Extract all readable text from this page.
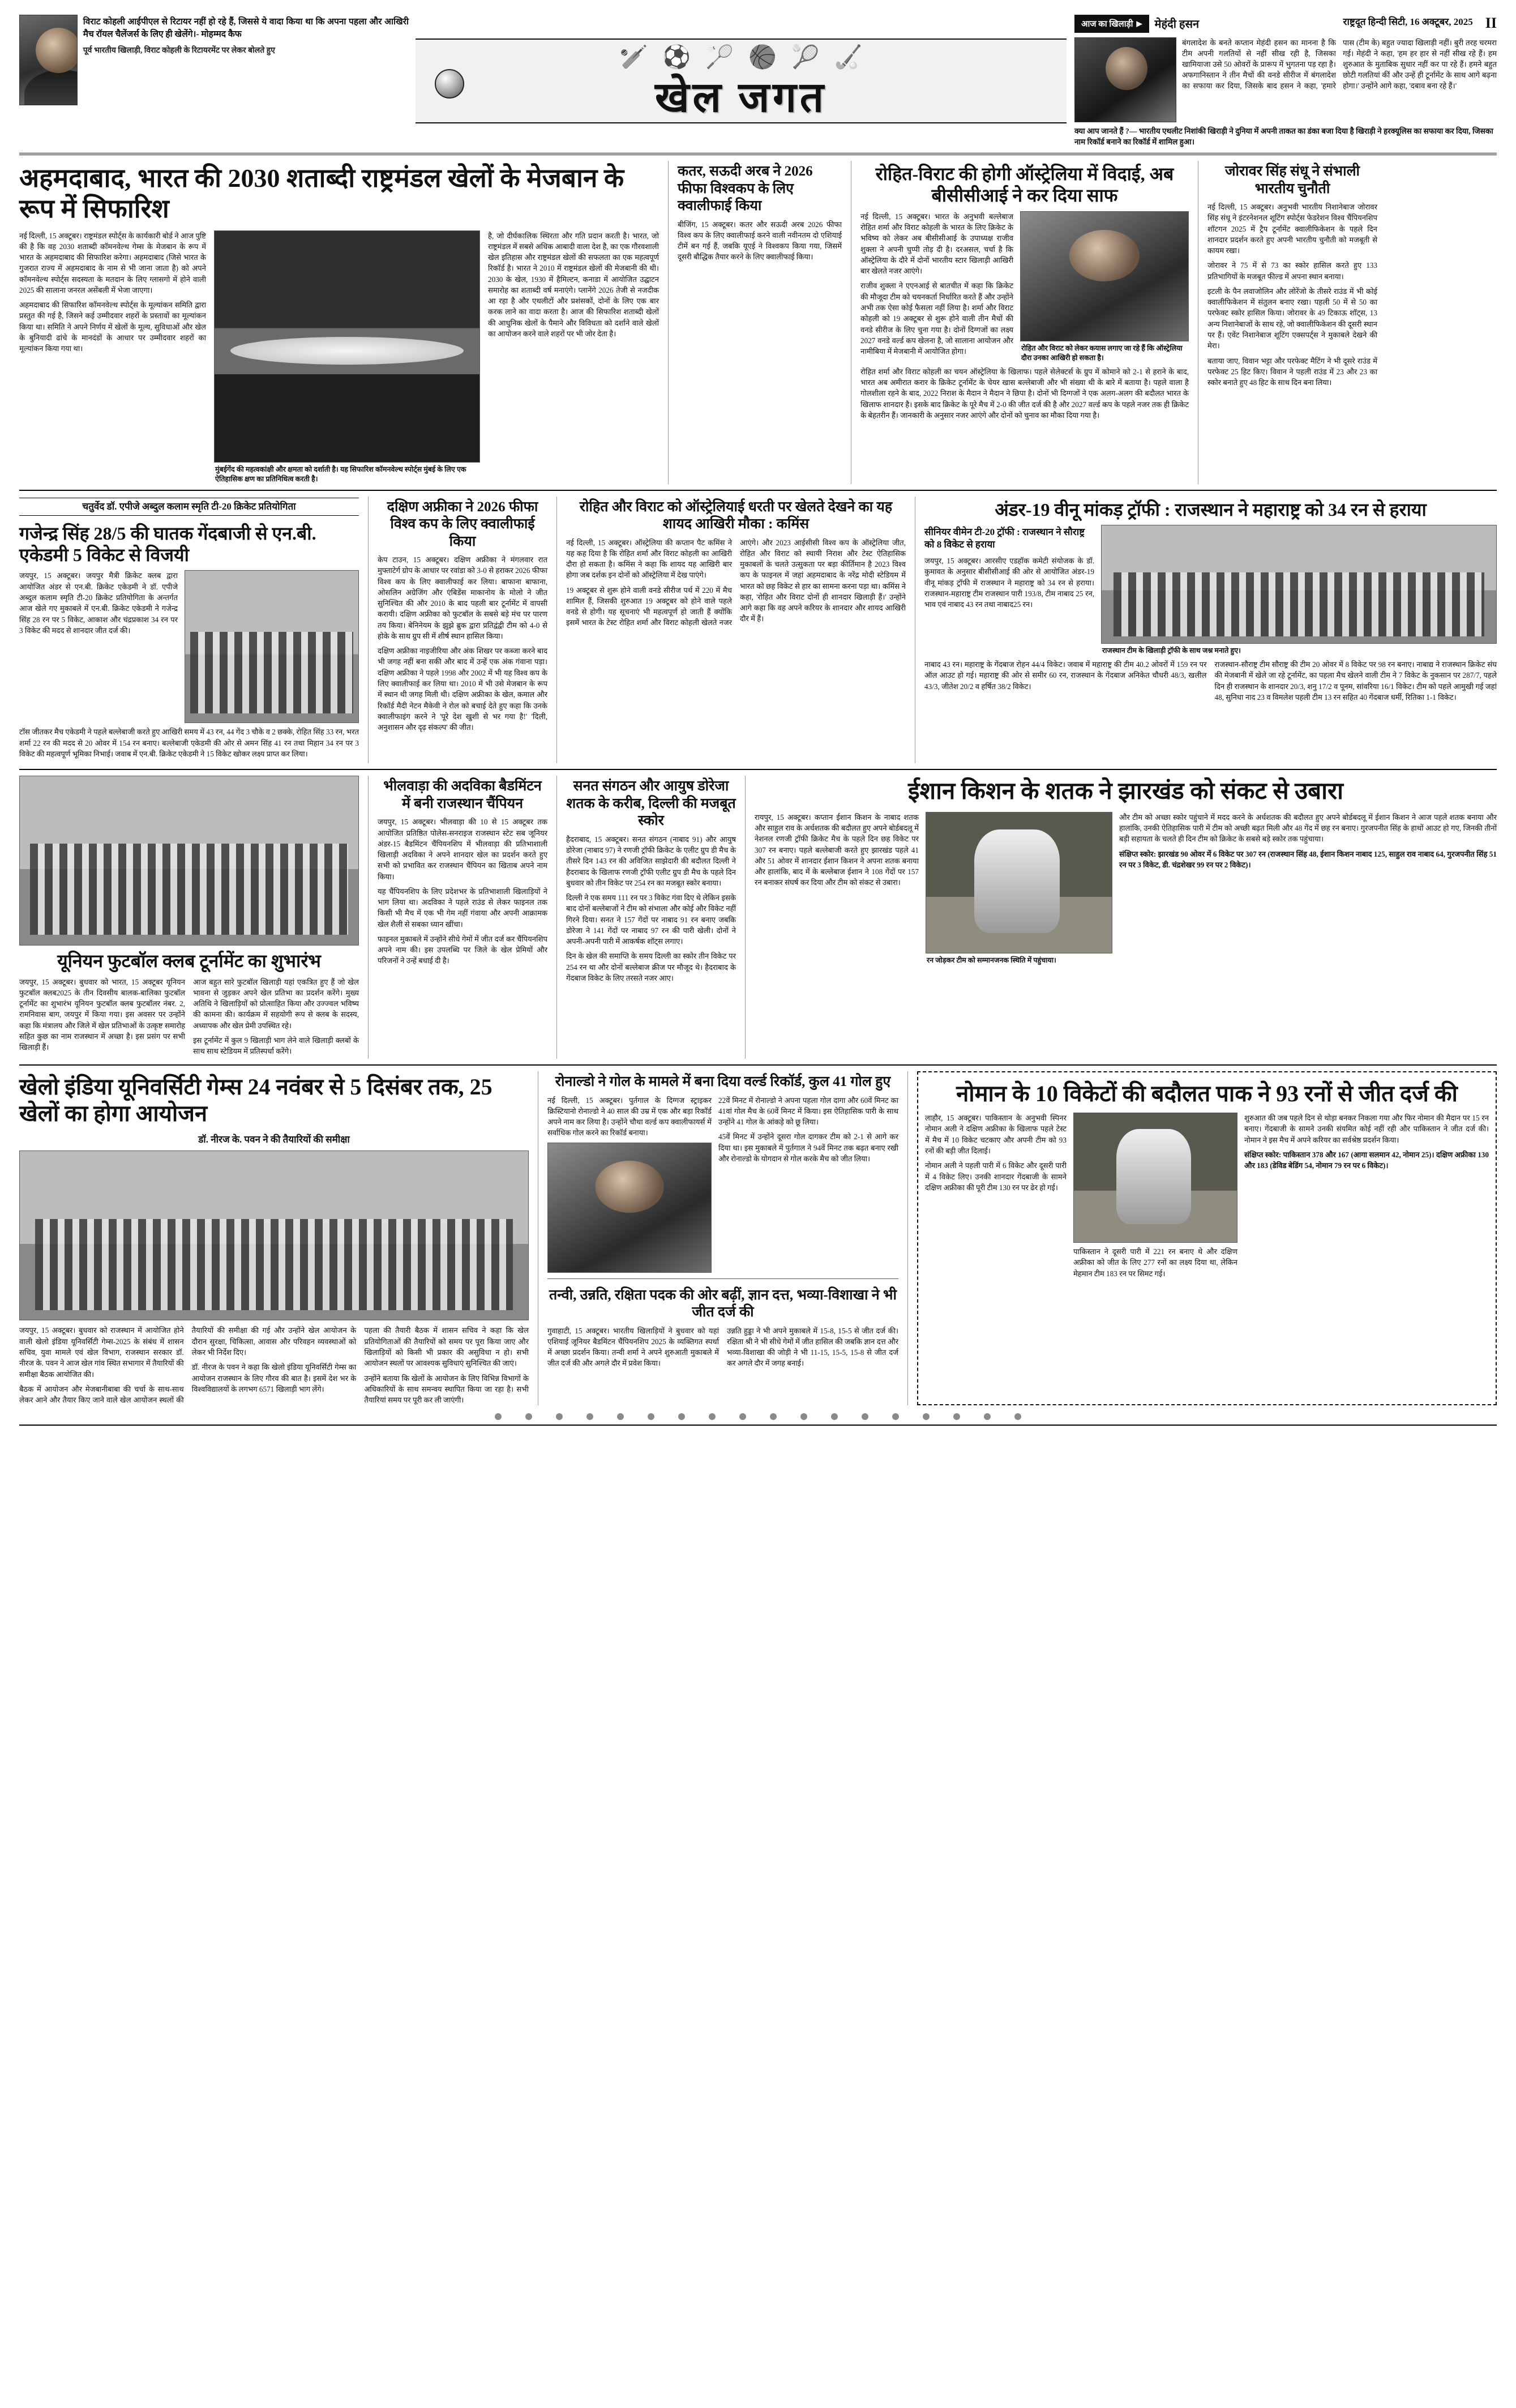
विराट कोहली आईपीएल से रिटायर नहीं हो रहे हैं, जिससे ये वादा किया था कि अपना पहला और आखिरी मैच रॉयल चैलेंजर्स के लिए ही खेलेंगे।- मोहम्मद कैफ
पूर्व भारतीय खिलाड़ी, विराट कोहली के रिटायरमेंट पर लेकर बोलते हुए	🏏 ⚽ 🏸 🏀 🎾 🏑
खेल जगत
आज का खिलाड़ी ▶ मेहंदी हसन	राष्ट्रदूत हिन्दी सिटी, 16 अक्टूबर, 2025 II
बंगलादेश के बनते कप्तान मेहंदी हसन का मानना है कि टीम अपनी गलतियों से नहीं सीख रही है, जिसका खामियाजा उसे 50 ओवरों के प्रारूप में भुगतना पड़ रहा है। अफगानिस्तान ने तीन मैचों की वनडे सीरीज में बंगलादेश का सफाया कर दिया, जिसके बाद हसन ने कहा, 'हमारे पास (टीम के) बहुत ज्यादा खिलाड़ी नहीं। बुरी तरह चरमरा गई। मेहंदी ने कहा, 'हम हर हार से नहीं सीख रहे हैं। हम शुरुआत के मुताबिक सुधार नहीं कर पा रहे हैं। हमने बहुत छोटी गलतियां कीं और उन्हें ही टूर्नामेंट के साथ आगे बढ़ना होगा।' उन्होंने आगे कहा, 'दबाव बना रहे हैं।'
क्या आप जानते हैं ?— भारतीय एथलीट निशांकी खिराड़ी ने दुनिया में अपनी ताकत का डंका बजा दिया है खिराड़ी ने हरक्यूलिस का सफाया कर दिया, जिसका नाम रिकॉर्ड बनाने का रिकॉर्ड में शामिल हुआ।
अहमदाबाद, भारत की 2030 शताब्दी राष्ट्रमंडल खेलों के मेजबान के रूप में सिफारिश

नई दिल्ली, 15 अक्टूबर। राष्ट्रमंडल स्पोर्ट्स के कार्यकारी बोर्ड ने आज पुष्टि की है कि वह 2030 शताब्दी कॉमनवेल्थ गेम्स के मेजबान के रूप में भारत के अहमदाबाद की सिफारिश करेगा। अहमदाबाद (जिसे भारत के गुजरात राज्य में अहमदाबाद के नाम से भी जाना जाता है) को अपने कॉमनवेल्थ स्पोर्ट्स सदस्यता के मतदान के लिए ग्लासगो में होने वाली 2025 की सालाना जनरल असेंबली में भेजा जाएगा।

अहमदाबाद की सिफारिश कॉमनवेल्थ स्पोर्ट्स के मूल्यांकन समिति द्वारा प्रस्तुत की गई है, जिसने कई उम्मीदवार शहरों के प्रस्तावों का मूल्यांकन किया था। समिति ने अपने निर्णय में खेलों के मूल्य, सुविधाओं और खेल के बुनियादी ढांचे के मानदंडों के आधार पर उम्मीदवार शहरों का मूल्यांकन किया गया था।

मुंबईगेंद की महत्वकांक्षी और क्षमता को दर्शाती है। यह सिफारिश कॉमनवेल्थ स्पोर्ट्स मुंबई के लिए एक ऐतिहासिक क्षण का प्रतिनिधित्व करती है।

है, जो दीर्घकालिक स्थिरता और गति प्रदान करती है। भारत, जो राष्ट्रमंडल में सबसे अधिक आबादी वाला देश है, का एक गौरवशाली खेल इतिहास और राष्ट्रमंडल खेलों की सफलता का एक महत्वपूर्ण रिकॉर्ड है। भारत ने 2010 में राष्ट्रमंडल खेलों की मेजबानी की थी। 2030 के खेल, 1930 में हैमिल्टन, कनाडा में आयोजित उद्घाटन समारोह का शताब्दी वर्ष मनाएंगे। प्लानेंगे 2026 तेजी से नजदीक आ रहा है और एथलीटों और प्रशंसकों, दोनों के लिए एक बार करक लाने का वादा करता है। आज की सिफारिश शताब्दी खेलों की आधुनिक खेलों के पैमाने और विविधता को दर्शाने वाले खेलों का आयोजन करने वाले शहरों पर भी जोर देता है।

कतर, सऊदी अरब ने 2026 फीफा विश्वकप के लिए क्वालीफाई किया

बीजिंग, 15 अक्टूबर। कतर और सऊदी अरब 2026 फीफा विश्व कप के लिए क्वालीफाई करने वाली नवीनतम दो एशियाई टीमें बन गई हैं, जबकि यूएई ने विश्वकप किया गया, जिसमें दूसरी बौद्धिक तैयार करने के लिए क्वालीफाई किया।

रोहित-विराट की होगी ऑस्ट्रेलिया में विदाई, अब बीसीसीआई ने कर दिया साफ

नई दिल्ली, 15 अक्टूबर। भारत के अनुभवी बल्लेबाज रोहित शर्मा और विराट कोहली के भारत के लिए क्रिकेट के भविष्य को लेकर अब बीसीसीआई के उपाध्यक्ष राजीव शुक्ला ने अपनी चुप्पी तोड़ दी है। दरअसल, चर्चा है कि ऑस्ट्रेलिया के दौरे में दोनों भारतीय स्टार खिलाड़ी आखिरी बार खेलते नजर आएंगे।

राजीव शुक्ला ने एएनआई से बातचीत में कहा कि क्रिकेट की मौजूदा टीम को चयनकर्ता निर्धारित करते हैं और उन्होंने अभी तक ऐसा कोई फैसला नहीं लिया है। शर्मा और विराट कोहली को 19 अक्टूबर से शुरू होने वाली तीन मैचों की वनडे सीरीज के लिए चुना गया है। दोनों दिग्गजों का लक्ष्य 2027 वनडे वर्ल्ड कप खेलना है, जो सालाना आयोजन और नामीबिया में मेजबानी में आयोजित होगा।	रोहित और विराट को लेकर कयास लगाए जा रहे हैं कि ऑस्ट्रेलिया दौरा उनका आखिरी हो सकता है।

रोहित शर्मा और विराट कोहली का चयन ऑस्ट्रेलिया के खिलाफ। पहले सेलेक्टर्स के ग्रुप में कोमाने को 2-1 से हराने के बाद, भारत अब अमीरात करार के क्रिकेट टूर्नामेंट के चेयर खास बल्लेबाजी और भी संख्या थी के बारे में बताया है। पहले वाला है गोलशीला रहने के बाद, 2022 निराश के मैदान ने मैदान ने छिपा है। दोनों भी दिग्गजों ने एक अलग-अलग की बदौलत भारत के खिलाफ शानदार है। इसके बाद क्रिकेट के पूरे मैच में 2-0 की जीत दर्ज की है और 2027 वर्ल्ड कप के पहले नजर तक ही क्रिकेट के बेहतरीन हैं। जानकारी के अनुसार नजर आएंगे और दोनों को चुनाव का मौका दिया गया है।

जोरावर सिंह संधू ने संभाली भारतीय चुनौती

नई दिल्ली, 15 अक्टूबर। अनुभवी भारतीय निशानेबाज जोरावर सिंह संधू ने इंटरनेशनल शूटिंग स्पोर्ट्स फेडरेशन विश्व चैंपियनशिप शॉटगन 2025 में ट्रैप टूर्नामेंट क्वालीफिकेशन के पहले दिन शानदार प्रदर्शन करते हुए अपनी भारतीय चुनौती को मजबूती से कायम रखा।

जोरावर ने 75 में से 73 का स्कोर हासिल करते हुए 133 प्रतिभागियों के मजबूत फील्ड में अपना स्थान बनाया।

इटली के पैन लवाजोलिन और लोरेंजो के तीसरे राउंड में भी कोई क्वालीफिकेशन में संतुलन बनाए रखा। पहली 50 में से 50 का परफेक्ट स्कोर हासिल किया। जोरावर के 49 टिकाऊ शॉट्स, 13 अन्य निशानेबाजों के साथ रहे, जो क्वालीफिकेशन की दूसरी स्थान पर हैं। एवेंट निशानेबाज शूटिंग एक्सपर्ट्स ने मुकाबले देखने की मेरा।

बताया जाए, विवान भट्टा और परफेक्ट मैटिंग ने भी दूसरे राउंड में परफेक्ट 25 हिट किए। विवान ने पहली राउंड में 23 और 23 का स्कोर बनाते हुए 48 हिट के साथ दिन बना लिया।

चतुर्वेद डॉ. एपीजे अब्दुल कलाम स्मृति टी-20 क्रिकेट प्रतियोगिता
गजेन्द्र सिंह 28/5 की घातक गेंदबाजी से एन.बी. एकेडमी 5 विकेट से विजयी

जयपुर, 15 अक्टूबर। जयपुर मैत्री क्रिकेट क्लब द्वारा आयोजित अंडर से एन.बी. क्रिकेट एकेडमी ने डॉ. एपीजे अब्दुल कलाम स्मृति टी-20 क्रिकेट प्रतियोगिता के अन्तर्गत आज खेले गए मुकाबले में एन.बी. क्रिकेट एकेडमी ने गजेन्द्र सिंह 28 रन पर 5 विकेट, आकाश और चंद्रप्रकाश 34 रन पर 3 विकेट की मदद से शानदार जीत दर्ज की।

टॉस जीतकर मैच एकेडमी ने पहले बल्लेबाजी करते हुए आखिरी समय में 43 रन, 44 गेंद 3 चौके व 2 छक्के, रोहित सिंह 33 रन, भरत शर्मा 22 रन की मदद से 20 ओवर में 154 रन बनाए। बल्लेबाजी एकेडमी की ओर से अमन सिंह 41 रन तथा मिहान 34 रन पर 3 विकेट की महत्वपूर्ण भूमिका निभाई। जवाब में एन.बी. क्रिकेट एकेडमी ने 15 विकेट खोकर लक्ष्य प्राप्त कर लिया।

दक्षिण अफ्रीका ने 2026 फीफा विश्व कप के लिए क्वालीफाई किया

केप टाउन, 15 अक्टूबर। दक्षिण अफ्रीका ने मंगलवार रात मुफ्ताटेर्ग ग्रोप के आधार पर रवांडा को 3-0 से हराकर 2026 फीफा विश्व कप के लिए क्वालीफाई कर लिया। बाफाना बाफाना, ओसलिन अग्रेजिंग और एंबिडेंस माकानोय के मोलो ने जीत सुनिश्चित की और 2010 के बाद पहली बार टूर्नामेंट में वापसी करायी। दक्षिण अफ्रीका को फुटबॉल के सबसे बड़े मंच पर पारण तय किया। बेनिनेयम के झुझे ब्रुक द्वारा प्रतिद्वंद्वी टीम को 4-0 से होके के साथ ग्रुप सी में शीर्ष स्थान हासिल किया।

दक्षिण अफ्रीका नाइजीरिया और अंक शिखर पर कब्जा करने बाद भी जगह नहीं बना सकी और बाद में उन्हें एक अंक गंवाना पड़ा। दक्षिण अफ्रीका ने पहले 1998 और 2002 में भी यह विश्व कप के लिए क्वालीफाई कर लिया था। 2010 में भी उसे मेजबान के रूप में स्थान थी जगह मिली थी। दक्षिण अफ्रीका के खेल, कमाल और रिकॉर्ड मैदी नेटन मैकेवी ने रोल को बचाई देते हुए कहा कि उनके क्वालीफाइंग करने ने 'पूरे देश खुशी से भर गया है!' 'दिली, अनुशासन और दृढ़ संकल्प' की जीत।

रोहित और विराट को ऑस्ट्रेलियाई धरती पर खेलते देखने का यह शायद आखिरी मौका : कमिंस

नई दिल्ली, 15 अक्टूबर। ऑस्ट्रेलिया की कप्तान पैट कमिंस ने यह कह दिया है कि रोहित शर्मा और विराट कोहली का आखिरी दौरा हो सकता है। कमिंस ने कहा कि शायद यह आखिरी बार होगा जब दर्शक इन दोनों को ऑस्ट्रेलिया में देख पाएंगे।

19 अक्टूबर से शुरू होने वाली वनडे सीरीज पर्थ में 220 में मैच शामिल हैं, जिसकी शुरुआत 19 अक्टूबर को होने वाले पहले वनडे से होगी। यह सूचनाएं भी महत्वपूर्ण हो जाती हैं क्योंकि इसमें भारत के टेस्ट रोहित शर्मा और विराट कोहली खेलते नजर आएंगे। और 2023 आईसीसी विश्व कप के ऑस्ट्रेलिया जीत, रोहित और विराट को स्थायी निराश और टेस्ट ऐतिहासिक मुकाबलों के चलते उत्सुकता पर बड़ा कीर्तिमान है 2023 विश्व कप के फाइनल में जहां अहमदाबाद के नरेंद्र मोदी स्टेडियम में भारत को छह विकेट से हार का सामना करना पड़ा था। कमिंस ने कहा, 'रोहित और विराट दोनों ही शानदार खिलाड़ी हैं।' उन्होंने आगे कहा कि वह अपने करियर के शानदार और शायद आखिरी दौर में हैं।

अंडर-19 वीनू मांकड़ ट्रॉफी : राजस्थान ने महाराष्ट्र को 34 रन से हराया
सीनियर वीमेन टी-20 ट्रॉफी : राजस्थान ने सौराष्ट्र को 8 विकेट से हराया

जयपुर, 15 अक्टूबर। आरसीए एडहॉक कमेटी संयोजक के डॉ. कुमावत के अनुसार बीसीसीआई की ओर से आयोजित अंडर-19 वीनू मांकड़ ट्रॉफी में राजस्थान ने महाराष्ट्र को 34 रन से हराया। राजस्थान-महाराष्ट्र टीम राजस्थान पारी 193/8, टीम नाबाद 25 रन, भाव एवं नाबाद 43 रन तथा नाबाद25 रन।

राजस्थान टीम के खिलाड़ी ट्रॉफी के साथ जश्न मनाते हुए।

नाबाद 43 रन। महाराष्ट्र के गेंदबाज रोहन 44/4 विकेट। जवाब में महाराष्ट्र की टीम 40.2 ओवरों में 159 रन पर ऑल आउट हो गई। महाराष्ट्र की ओर से समीर 60 रन, राजस्थान के गेंदबाज अनिकेत चौधरी 48/3, खलील 43/3, जीतेश 20/2 व हर्षित 38/2 विकेट।

राजस्थान-सौराष्ट्र टीम सौराष्ट्र की टीम 20 ओवर में 8 विकेट पर 98 रन बनाए। नाबाद्य ने राजस्थान क्रिकेट संघ की मेजबानी में खेले जा रहे टूर्नामेंट, का पहला मैच खेलने वाली टीम ने 7 विकेट के नुकसान पर 287/7, पहले दिन ही राजस्थान के शानदार 20/3, शनु 17/2 व पूनम, सांवरिया 16/1 विकेट। टीम को पहले आमुखी गई जहां 48, सुनिधा नाद 23 व विमलेश पहली टीम 13 रन सहित 40 गेंदबाज धर्मी, रितिका 1-1 विकेट।

यूनियन फुटबॉल क्लब टूर्नामेंट का शुभारंभ

जयपुर, 15 अक्टूबर। बुधवार को भारत, 15 अक्टूबर यूनियन फुटबॉल क्लब2025 के तीन दिवसीय बालक-बालिका फुटबॉल टूर्नामेंट का शुभारंभ यूनियन फुटबॉल क्लब फुटबॉलर नंबर. 2, रामनिवास बाग, जयपुर में किया गया। इस अवसर पर उन्होंने कहा कि मंत्रालय और जिले में खेल प्रतिभाओं के उत्कृष्ट समारोह सहित कुछ का नाम राजस्थान में अच्छा है। इस प्रसंग पर सभी खिलाड़ी हैं।

आज बहुत सारे फुटबॉल खिलाड़ी यहां एकत्रित हुए हैं जो खेल भावना से जुड़कर अपने खेल प्रतिभा का प्रदर्शन करेंगे। मुख्य अतिथि ने खिलाड़ियों को प्रोत्साहित किया और उज्ज्वल भविष्य की कामना की। कार्यक्रम में सहयोगी रूप से क्लब के सदस्य, अध्यापक और खेल प्रेमी उपस्थित रहे।

इस टूर्नामेंट में कुल 9 खिलाड़ी भाग लेने वाले खिलाड़ी क्लबों के साथ साथ स्टेडियम में प्रतिस्पर्धा करेंगे।

भीलवाड़ा की अदविका बैडमिंटन में बनी राजस्थान चैंपियन

जयपुर, 15 अक्टूबर। भीलवाड़ा की 10 से 15 अक्टूबर तक आयोजित प्रतिष्ठित पोलेस-सनराइज राजस्थान स्टेट सब जूनियर अंडर-15 बैडमिंटन चैंपियनशिप में भीलवाड़ा की प्रतिभाशाली खिलाड़ी अदविका ने अपने शानदार खेल का प्रदर्शन करते हुए सभी को प्रभावित कर राजस्थान चैंपियन का खिताब अपने नाम किया।

यह चैंपियनशिप के लिए प्रदेशभर के प्रतिभाशाली खिलाड़ियों ने भाग लिया था। अदविका ने पहले राउंड से लेकर फाइनल तक किसी भी मैच में एक भी गेम नहीं गंवाया और अपनी आक्रामक खेल शैली से सबका ध्यान खींचा।

फाइनल मुकाबले में उन्होंने सीधे गेमों में जीत दर्ज कर चैंपियनशिप अपने नाम की। इस उपलब्धि पर जिले के खेल प्रेमियों और परिजनों ने उन्हें बधाई दी है।

सनत संगठन और आयुष डोरेजा शतक के करीब, दिल्ली की मजबूत स्कोर

हैदराबाद, 15 अक्टूबर। सनत संगठन (नाबाद 91) और आयुष डोरेजा (नाबाद 97) ने रणजी ट्रॉफी क्रिकेट के एलीट ग्रुप डी मैच के तीसरे दिन 143 रन की अविजित साझेदारी की बदौलत दिल्ली ने हैदराबाद के खिलाफ रणजी ट्रॉफी एलीट ग्रुप डी मैच के पहले दिन बुधवार को तीन विकेट पर 254 रन का मजबूत स्कोर बनाया।

दिल्ली ने एक समय 111 रन पर 3 विकेट गंवा दिए थे लेकिन इसके बाद दोनों बल्लेबाजों ने टीम को संभाला और कोई और विकेट नहीं गिरने दिया। सनत ने 157 गेंदों पर नाबाद 91 रन बनाए जबकि डोरेजा ने 141 गेंदों पर नाबाद 97 रन की पारी खेली। दोनों ने अपनी-अपनी पारी में आकर्षक शॉट्स लगाए।

दिन के खेल की समाप्ति के समय दिल्ली का स्कोर तीन विकेट पर 254 रन था और दोनों बल्लेबाज क्रीज पर मौजूद थे। हैदराबाद के गेंदबाज विकेट के लिए तरसते नजर आए।

ईशान किशन के शतक ने झारखंड को संकट से उबारा

रायपुर, 15 अक्टूबर। कप्तान ईशान किशन के नाबाद शतक और साहुल राव के अर्धशतक की बदौलत हुए अपने बोर्डबदलू में नेशनल रणजी ट्रॉफी क्रिकेट मैच के पहले दिन छह विकेट पर 307 रन बनाए। पहले बल्लेबाजी करते हुए झारखंड पहले 41 और 51 ओवर में शानदार ईशान किशन ने अपना शतक बनाया और हालांकि, बाद में के बल्लेबाज ईशान ने 108 गेंदों पर 157 रन बनाकर संघर्ष कर दिया और टीम को संकट से उबारा।

रन जोड़कर टीम को सम्मानजनक स्थिति में पहुंचाया।

और टीम को अच्छा स्कोर पहुंचाने में मदद करने के अर्धशतक की बदौलत हुए अपने बोर्डबदलू में ईशान किशन ने आज पहले शतक बनाया और हालांकि, उनकी ऐतिहासिक पारी में टीम को अच्छी बढ़त मिली और 48 गेंद में छह रन बनाए। गुरजपनीत सिंह के हाथों आउट हो गए, जिनकी तीनों बड़ी सहायता के चलते ही दिन टीम को क्रिकेट के सबसे बड़े स्कोर तक पहुंचाया।

संक्षिप्त स्कोर: झारखंड 90 ओवर में 6 विकेट पर 307 रन (राजस्थान सिंह 48, ईशान किशन नाबाद 125, साहुल राव नाबाद 64, गुरजपनीत सिंह 51 रन पर 3 विकेट, डी. चंद्रशेखर 99 रन पर 2 विकेट)।

खेलो इंडिया यूनिवर्सिटी गेम्स 24 नवंबर से 5 दिसंबर तक, 25 खेलों का होगा आयोजन
डॉ. नीरज के. पवन ने की तैयारियों की समीक्षा

जयपुर, 15 अक्टूबर। बुधवार को राजस्थान में आयोजित होने वाली खेलो इंडिया यूनिवर्सिटी गेम्स-2025 के संबंध में शासन सचिव, युवा मामले एवं खेल विभाग, राजस्थान सरकार डॉ. नीरज के. पवन ने आज खेल गांव स्थित सभागार में तैयारियों की समीक्षा बैठक आयोजित की।

बैठक में आयोजन और मेजबानीबाबा की चर्चा के साथ-साथ लेकर आने और तैयार किए जाने वाले खेल आयोजन स्थलों की तैयारियों की समीक्षा की गई और उन्होंने खेल आयोजन के दौरान सुरक्षा, चिकित्सा, आवास और परिवहन व्यवस्थाओं को लेकर भी निर्देश दिए।

डॉ. नीरज के पवन ने कहा कि खेलो इंडिया यूनिवर्सिटी गेम्स का आयोजन राजस्थान के लिए गौरव की बात है। इसमें देश भर के विश्वविद्यालयों के लगभग 6571 खिलाड़ी भाग लेंगे।

पहला की तैयारी बैठक में शासन सचिव ने कहा कि खेल प्रतियोगिताओं की तैयारियों को समय पर पूरा किया जाए और खिलाड़ियों को किसी भी प्रकार की असुविधा न हो। सभी आयोजन स्थलों पर आवश्यक सुविधाएं सुनिश्चित की जाएं।

उन्होंने बताया कि खेलों के आयोजन के लिए विभिन्न विभागों के अधिकारियों के साथ समन्वय स्थापित किया जा रहा है। सभी तैयारियां समय पर पूरी कर ली जाएंगी।

रोनाल्डो ने गोल के मामले में बना दिया वर्ल्ड रिकॉर्ड, कुल 41 गोल हुए

नई दिल्ली, 15 अक्टूबर। पुर्तगाल के दिग्गज स्ट्राइकर क्रिस्टियानो रोनाल्डो ने 40 साल की उम्र में एक और बड़ा रिकॉर्ड अपने नाम कर लिया है। उन्होंने चौथा वर्ल्ड कप क्वालीफायर्स में सर्वाधिक गोल करने का रिकॉर्ड बनाया।

22वें मिनट में रोनाल्डो ने अपना पहला गोल दागा और 60वें मिनट का 41वां गोल मैच के 60वें मिनट में किया। इस ऐतिहासिक पारी के साथ उन्होंने 41 गोल के आंकड़े को छू लिया।

45वें मिनट में उन्होंने दूसरा गोल दागकर टीम को 2-1 से आगे कर दिया था। इस मुकाबले में पुर्तगाल ने 94वें मिनट तक बढ़त बनाए रखी और रोनाल्डो के योगदान से गोल करके मैच को जीत लिया।

तन्वी, उन्नति, रक्षिता पदक की ओर बढ़ीं, ज्ञान दत्त, भव्या-विशाखा ने भी जीत दर्ज की

गुवाहाटी, 15 अक्टूबर। भारतीय खिलाड़ियों ने बुधवार को यहां एशियाई जूनियर बैडमिंटन चैंपियनशिप 2025 के व्यक्तिगत स्पर्धा में अच्छा प्रदर्शन किया। तन्वी शर्मा ने अपने शुरुआती मुकाबले में जीत दर्ज की और अगले दौर में प्रवेश किया।

उन्नति हुड्डा ने भी अपने मुकाबले में 15-8, 15-5 से जीत दर्ज की। रक्षिता श्री ने भी सीधे गेमों में जीत हासिल की जबकि ज्ञान दत्त और भव्या-विशाखा की जोड़ी ने भी 11-15, 15-5, 15-8 से जीत दर्ज कर अगले दौर में जगह बनाई।

नोमान के 10 विकेटों की बदौलत पाक ने 93 रनों से जीत दर्ज की

लाहौर, 15 अक्टूबर। पाकिस्तान के अनुभवी स्पिनर नोमान अली ने दक्षिण अफ्रीका के खिलाफ पहले टेस्ट में मैच में 10 विकेट चटकाए और अपनी टीम को 93 रनों की बड़ी जीत दिलाई।

नोमान अली ने पहली पारी में 6 विकेट और दूसरी पारी में 4 विकेट लिए। उनकी शानदार गेंदबाजी के सामने दक्षिण अफ्रीका की पूरी टीम 130 रन पर ढेर हो गई।

पाकिस्तान ने दूसरी पारी में 221 रन बनाए थे और दक्षिण अफ्रीका को जीत के लिए 277 रनों का लक्ष्य दिया था, लेकिन मेहमान टीम 183 रन पर सिमट गई।

शुरुआत की जब पहले दिन से थोड़ा बनकर निकला गया और फिर नोमान की मैदान पर 15 रन बनाए। गेंदबाजी के सामने उनकी संयमित कोई नहीं रही और पाकिस्तान ने जीत दर्ज की। नोमान ने इस मैच में अपने करियर का सर्वश्रेष्ठ प्रदर्शन किया।

संक्षिप्त स्कोर: पाकिस्तान 378 और 167 (आगा सलमान 42, नोमान 25)। दक्षिण अफ्रीका 130 और 183 (डेविड बेडिंग 54, नोमान 79 रन पर 6 विकेट)।
